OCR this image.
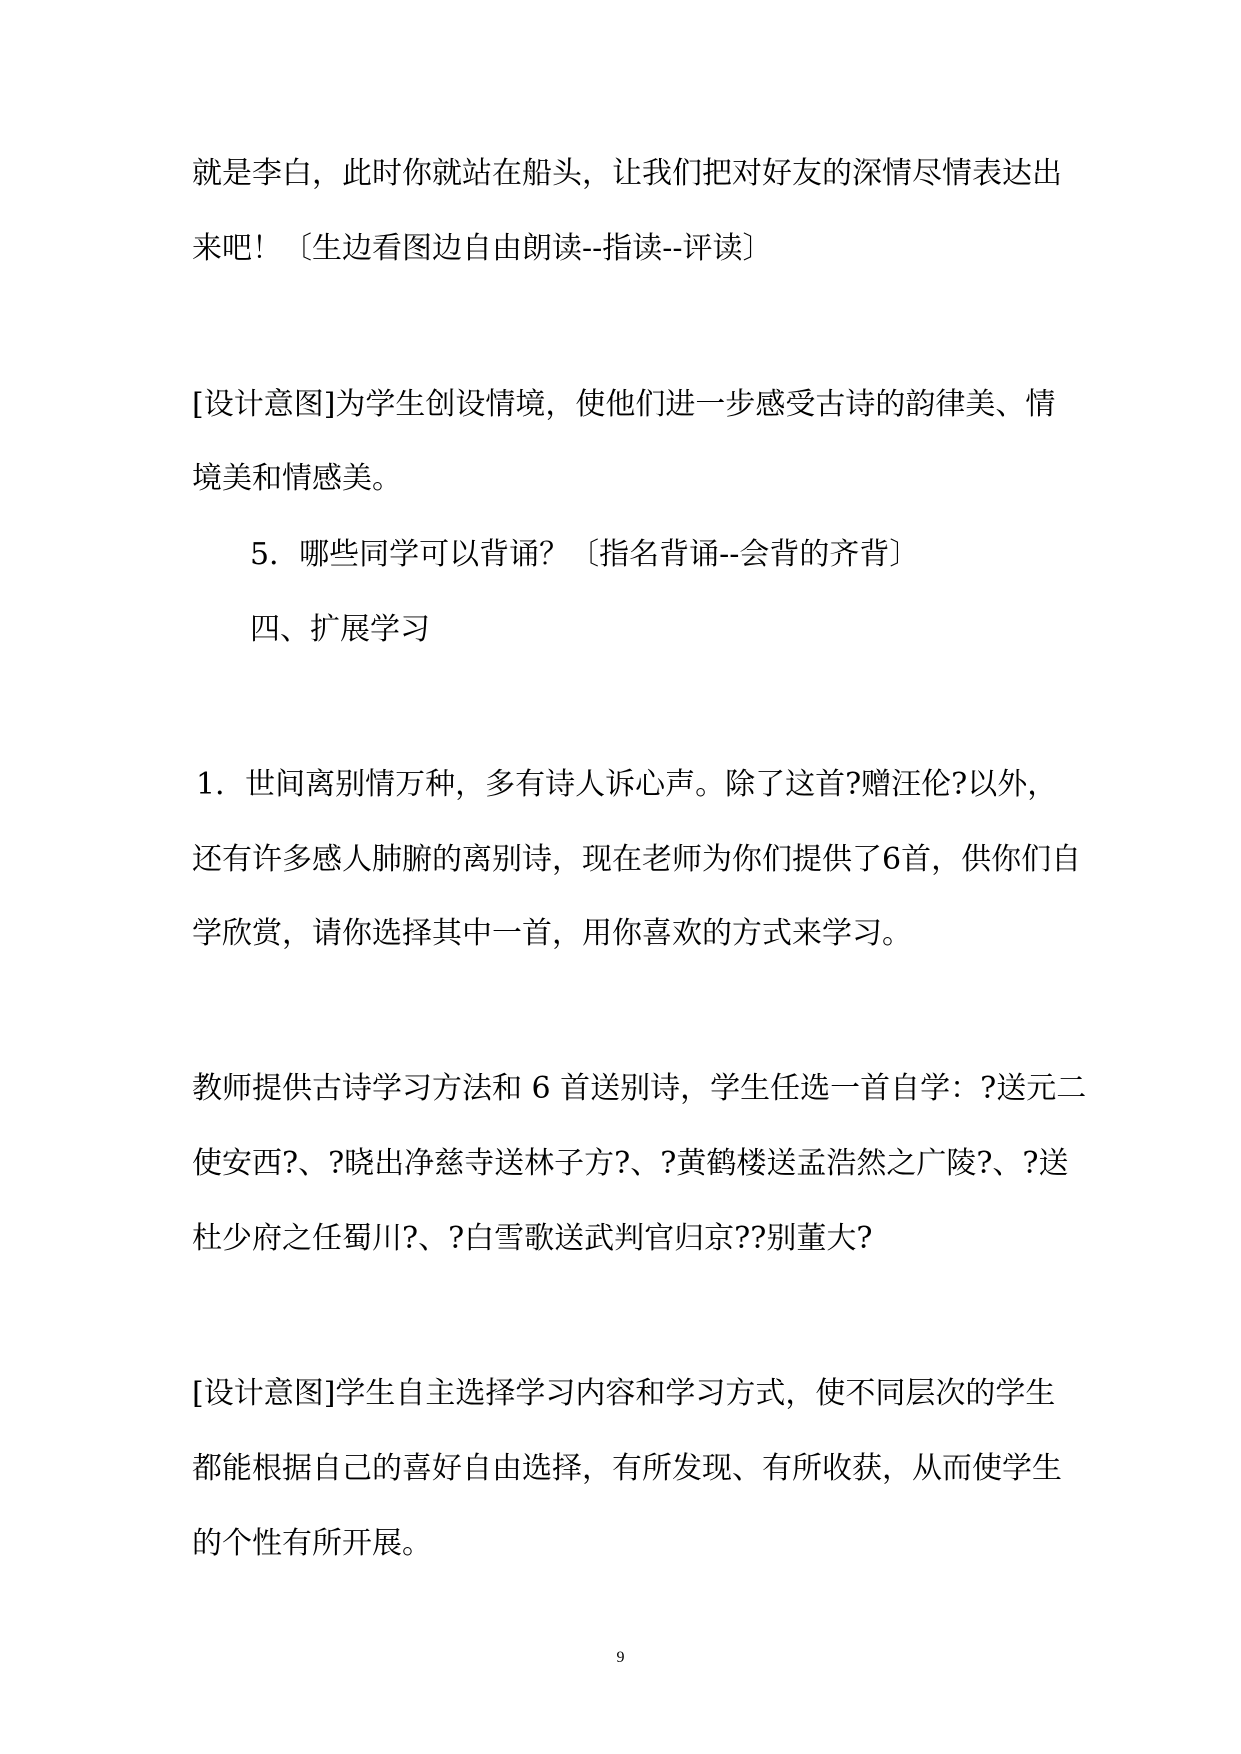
就是李白，此时你就站在船头，让我们把对好友的深情尽情表达出

来吧！〔生边看图边自由朗读--指读--评读〕

[设计意图]为学生创设情境，使他们进一步感受古诗的韵律美、情

境美和情感美。

5．哪些同学可以背诵？〔指名背诵--会背的齐背〕

四、扩展学习

1．世间离别情万种，多有诗人诉心声。除了这首?赠汪伦?以外，

还有许多感人肺腑的离别诗，现在老师为你们提供了6首，供你们自

学欣赏，请你选择其中一首，用你喜欢的方式来学习。

教师提供古诗学习方法和 6 首送别诗，学生任选一首自学：?送元二

使安西?、?晓出净慈寺送林子方?、?黄鹤楼送孟浩然之广陵?、?送

杜少府之任蜀川?、?白雪歌送武判官归京??别董大?

[设计意图]学生自主选择学习内容和学习方式，使不同层次的学生

都能根据自己的喜好自由选择，有所发现、有所收获，从而使学生

的个性有所开展。

9
